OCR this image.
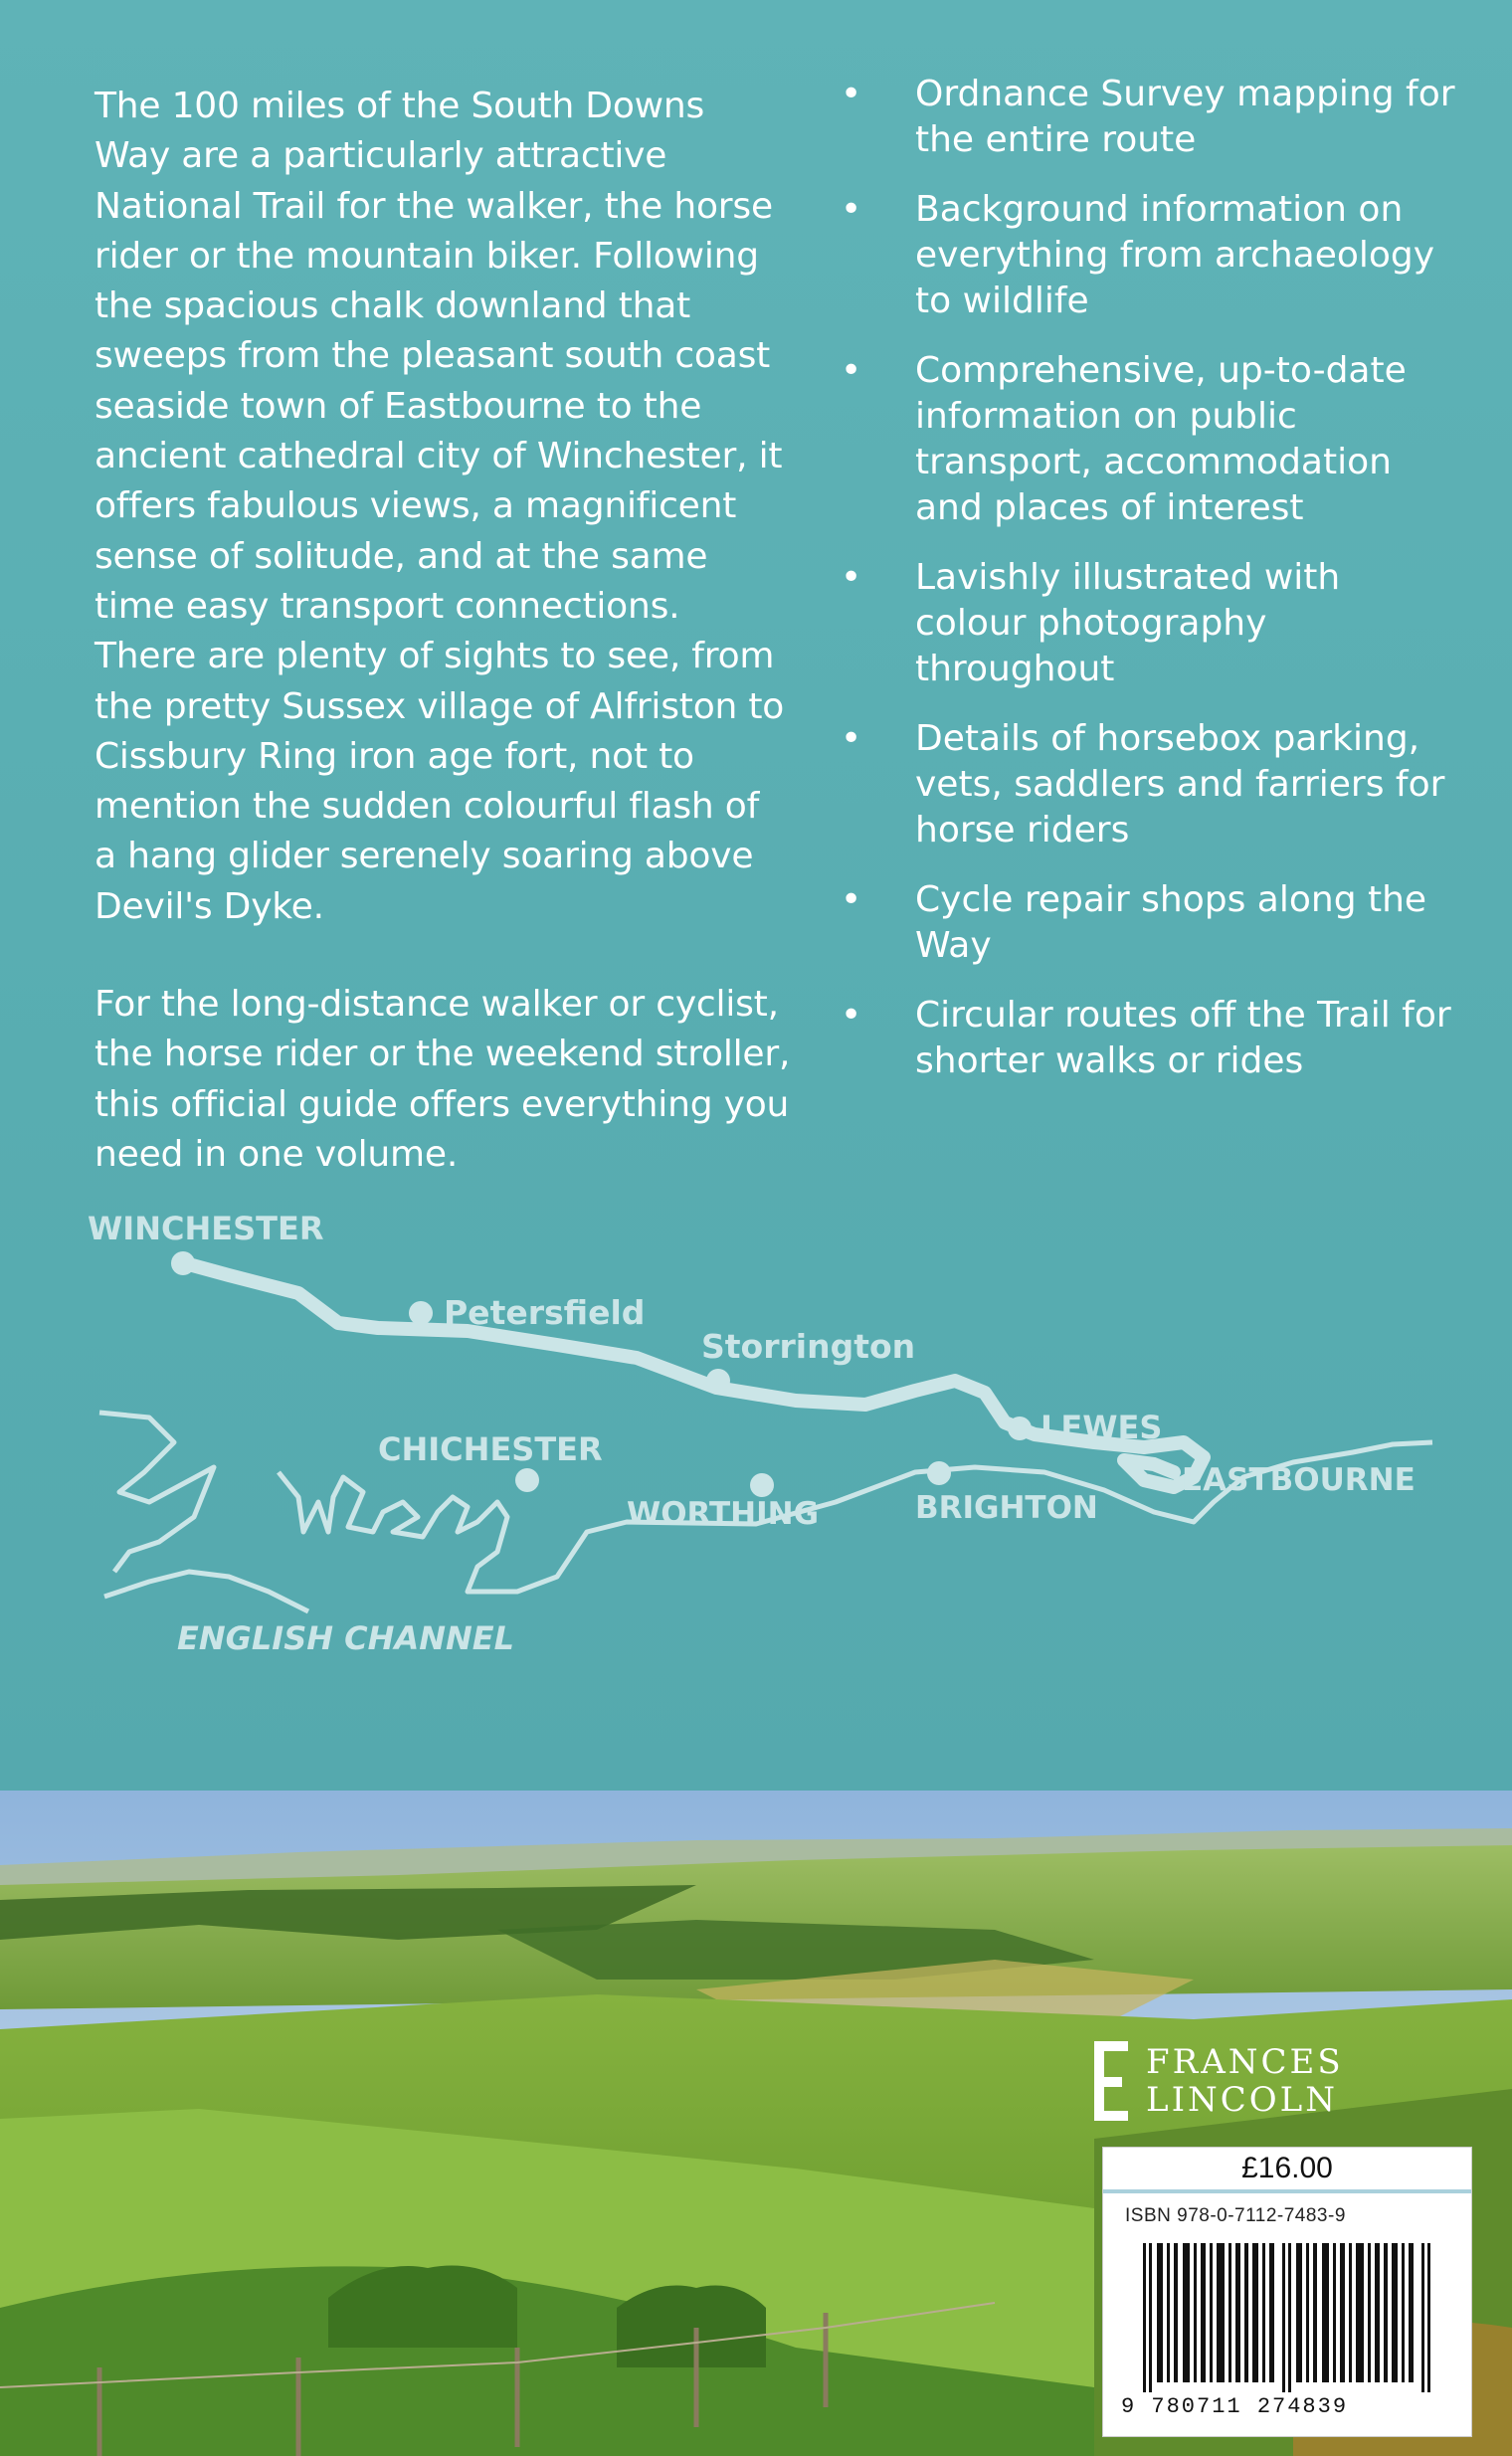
The 100 miles of the South Downs Way are a particularly attractive National Trail for the walker, the horse rider or the mountain biker. Following the spacious chalk downland that sweeps from the pleasant south coast seaside town of Eastbourne to the ancient cathedral city of Winchester, it offers fabulous views, a magnificent sense of solitude, and at the same time easy transport connections. There are plenty of sights to see, from the pretty Sussex village of Alfriston to Cissbury Ring iron age fort, not to mention the sudden colourful flash of a hang glider serenely soaring above Devil's Dyke.

For the long-distance walker or cyclist, the horse rider or the weekend stroller, this official guide offers everything you need in one volume.

• Ordnance Survey mapping for the entire route
• Background information on everything from archaeology to wildlife
• Comprehensive, up-to-date information on public transport, accommodation and places of interest
• Lavishly illustrated with colour photography throughout
• Details of horsebox parking, vets, saddlers and farriers for horse riders
• Cycle repair shops along the Way
• Circular routes off the Trail for shorter walks or rides
WINCHESTER
Petersfield
Storrington
LEWES
CHICHESTER
WORTHING	BRIGHTON
EASTBOURNE
ENGLISH CHANNEL
FRANCES
LINCOLN
£16.00
ISBN 978-0-7112-7483-9
9 780711 274839
